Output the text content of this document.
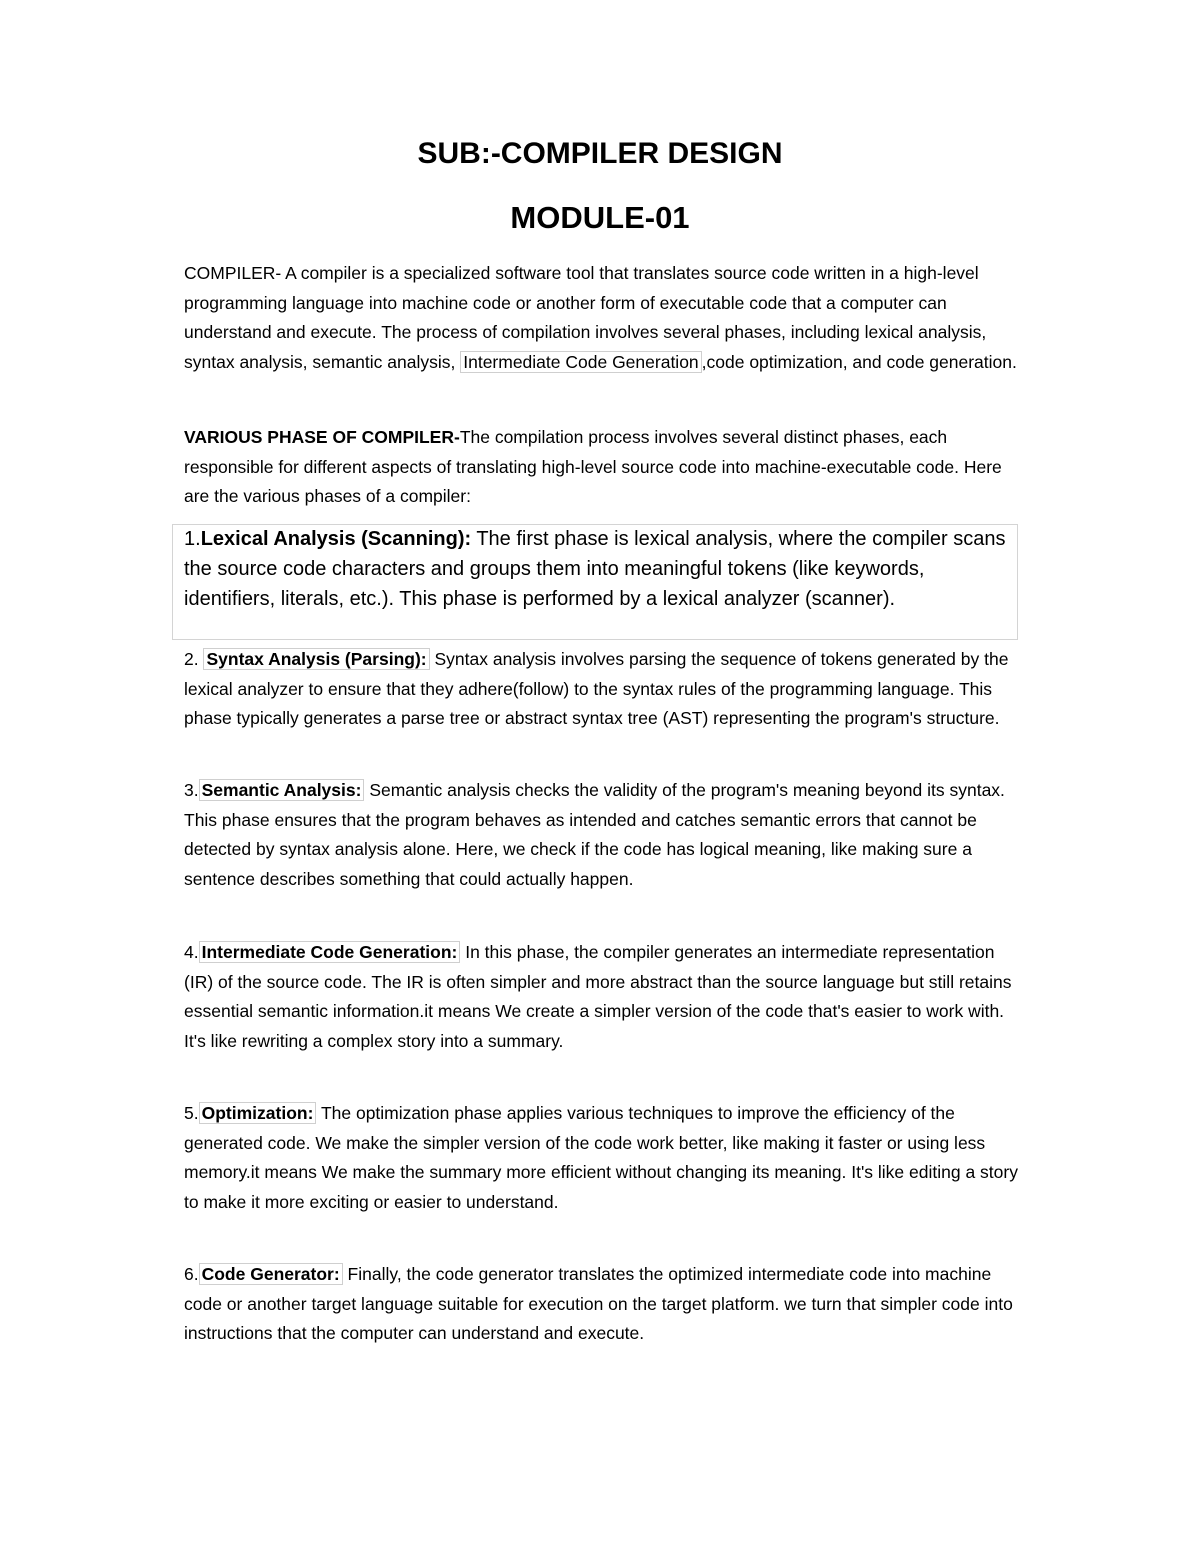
SUB:-COMPILER DESIGN
MODULE-01
COMPILER- A compiler is a specialized software tool that translates source code written in a high-level programming language into machine code or another form of executable code that a computer can understand and execute. The process of compilation involves several phases, including lexical analysis, syntax analysis, semantic analysis, Intermediate Code Generation ,code optimization, and code generation.
VARIOUS PHASE OF COMPILER-The compilation process involves several distinct phases, each responsible for different aspects of translating high-level source code into machine-executable code. Here are the various phases of a compiler:
1.Lexical Analysis (Scanning): The first phase is lexical analysis, where the compiler scans the source code characters and groups them into meaningful tokens (like keywords, identifiers, literals, etc.). This phase is performed by a lexical analyzer (scanner).
2. Syntax Analysis (Parsing): Syntax analysis involves parsing the sequence of tokens generated by the lexical analyzer to ensure that they adhere(follow) to the syntax rules of the programming language. This phase typically generates a parse tree or abstract syntax tree (AST) representing the program's structure.
3. Semantic Analysis: Semantic analysis checks the validity of the program's meaning beyond its syntax. This phase ensures that the program behaves as intended and catches semantic errors that cannot be detected by syntax analysis alone. Here, we check if the code has logical meaning, like making sure a sentence describes something that could actually happen.
4. Intermediate Code Generation: In this phase, the compiler generates an intermediate representation (IR) of the source code. The IR is often simpler and more abstract than the source language but still retains essential semantic information.it means We create a simpler version of the code that's easier to work with. It's like rewriting a complex story into a summary.
5. Optimization: The optimization phase applies various techniques to improve the efficiency of the generated code. We make the simpler version of the code work better, like making it faster or using less memory.it means We make the summary more efficient without changing its meaning. It's like editing a story to make it more exciting or easier to understand.
6. Code Generator: Finally, the code generator translates the optimized intermediate code into machine code or another target language suitable for execution on the target platform. we turn that simpler code into instructions that the computer can understand and execute.
